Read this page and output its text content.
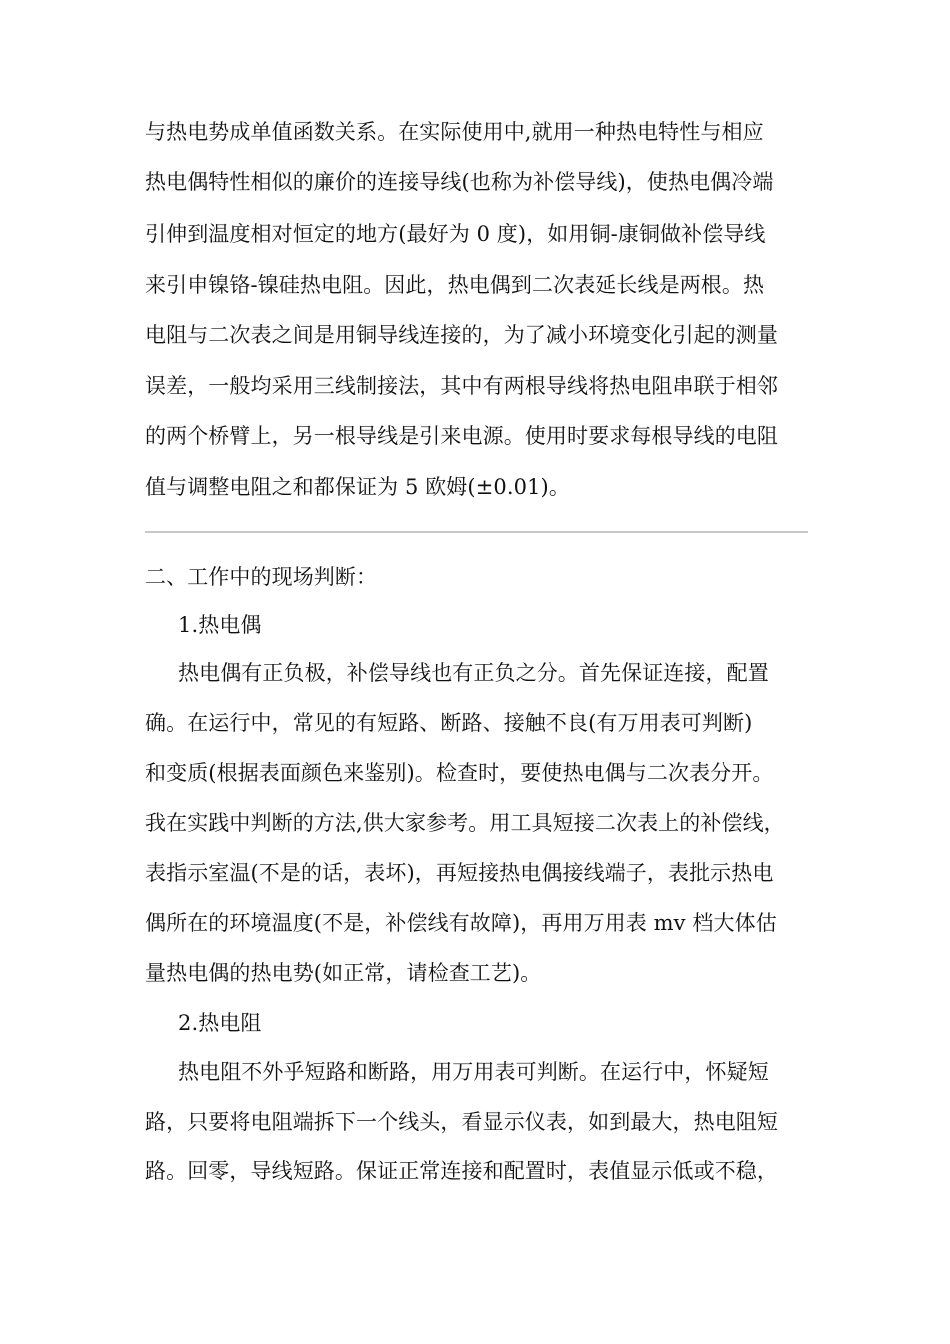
与热电势成单值函数关系。在实际使用中,就用一种热电特性与相应
热电偶特性相似的廉价的连接导线(也称为补偿导线)，使热电偶冷端
引伸到温度相对恒定的地方(最好为 0 度)，如用铜-康铜做补偿导线
来引申镍铬-镍硅热电阻。因此，热电偶到二次表延长线是两根。热
电阻与二次表之间是用铜导线连接的，为了减小环境变化引起的测量
误差，一般均采用三线制接法，其中有两根导线将热电阻串联于相邻
的两个桥臂上，另一根导线是引来电源。使用时要求每根导线的电阻
值与调整电阻之和都保证为 5 欧姆(±0.01)。
二、工作中的现场判断：
1.热电偶
热电偶有正负极，补偿导线也有正负之分。首先保证连接，配置
确。在运行中，常见的有短路、断路、接触不良(有万用表可判断)
和变质(根据表面颜色来鉴别)。检查时，要使热电偶与二次表分开。
我在实践中判断的方法,供大家参考。用工具短接二次表上的补偿线，
表指示室温(不是的话，表坏)，再短接热电偶接线端子，表批示热电
偶所在的环境温度(不是，补偿线有故障)，再用万用表 mv 档大体估
量热电偶的热电势(如正常，请检查工艺)。
2.热电阻
热电阻不外乎短路和断路，用万用表可判断。在运行中，怀疑短
路，只要将电阻端拆下一个线头，看显示仪表，如到最大，热电阻短
路。回零，导线短路。保证正常连接和配置时，表值显示低或不稳，
